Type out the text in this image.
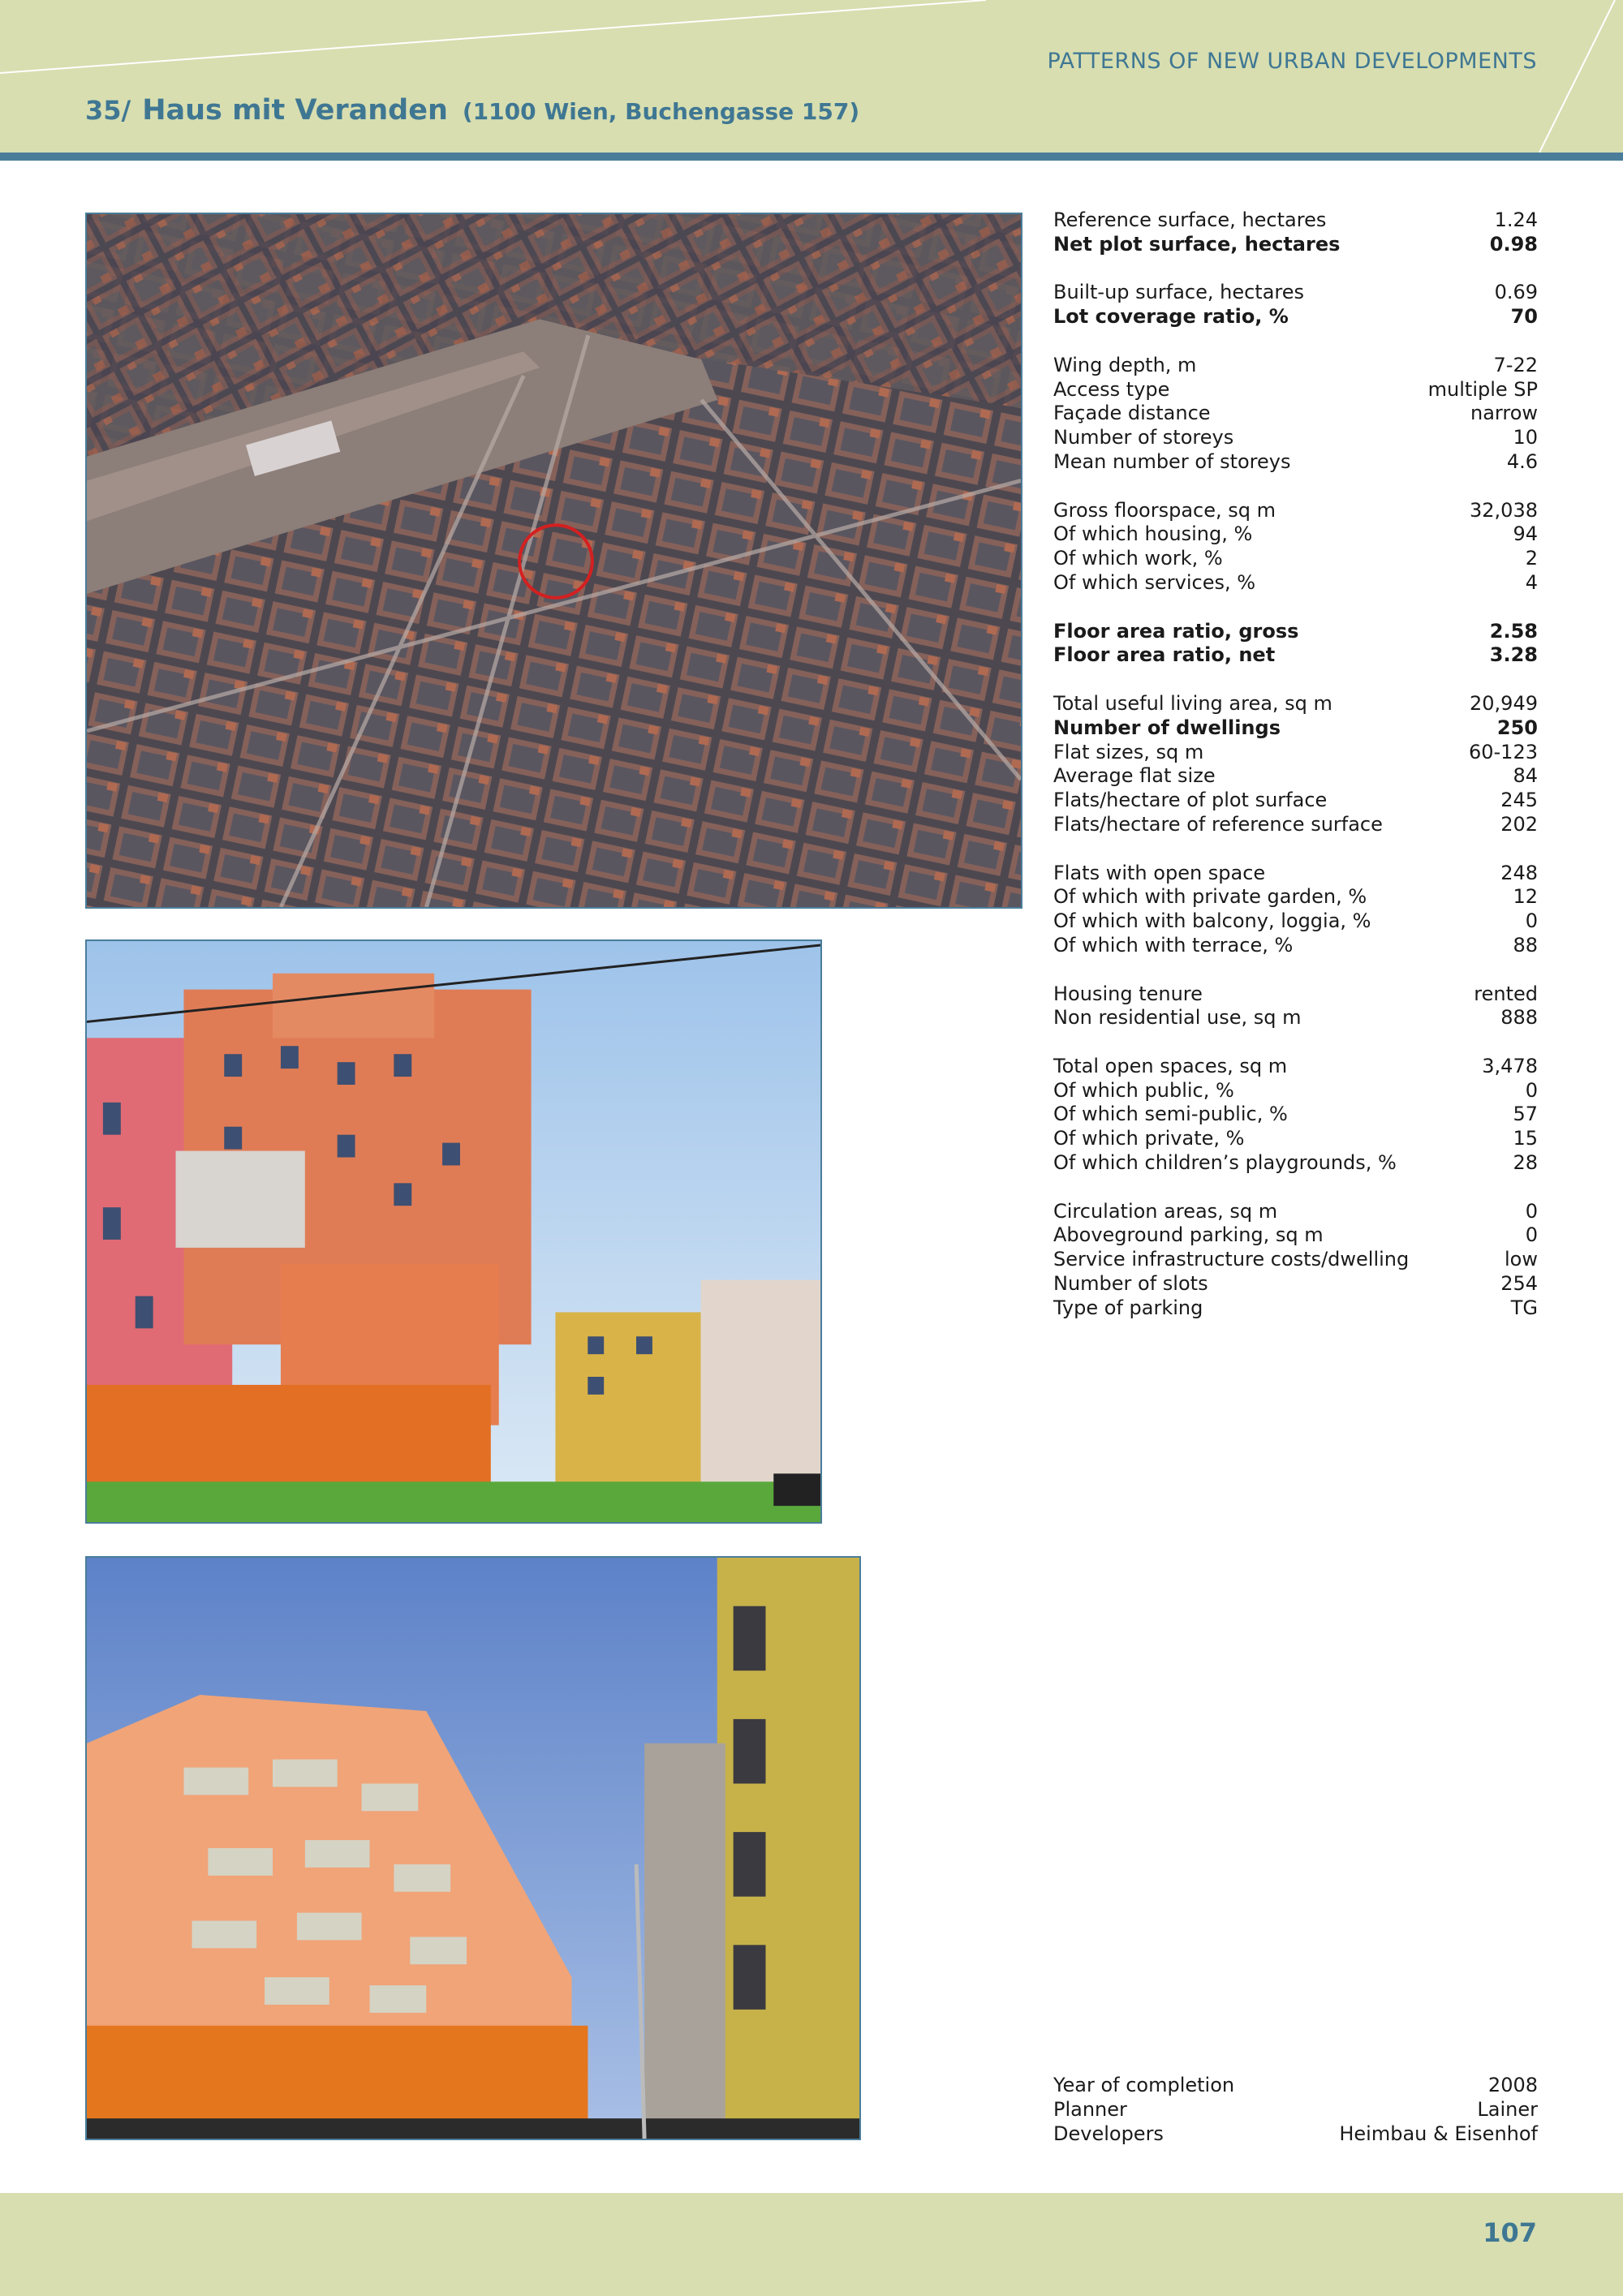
PATTERNS OF NEW URBAN DEVELOPMENTS
35/ Haus mit Veranden (1100 Wien, Buchengasse 157)
Reference surface, hectares	1.24
Net plot surface, hectares	0.98
Built-up surface, hectares	0.69
Lot coverage ratio, %	70
Wing depth, m	7-22
Access type	multiple SP
Façade distance	narrow
Number of storeys	10
Mean number of storeys	4.6
Gross floorspace, sq m	32,038
Of which housing, %	94
Of which work, %	2
Of which services, %	4
Floor area ratio, gross	2.58
Floor area ratio, net	3.28
Total useful living area, sq m	20,949
Number of dwellings	250
Flat sizes, sq m	60-123
Average flat size	84
Flats/hectare of plot surface	245
Flats/hectare of reference surface	202
Flats with open space	248
Of which with private garden, %	12
Of which with balcony, loggia, %	0
Of which with terrace, %	88
Housing tenure	rented
Non residential use, sq m	888
Total open spaces, sq m	3,478
Of which public, %	0
Of which semi-public, %	57
Of which private, %	15
Of which children’s playgrounds, %	28
Circulation areas, sq m	0
Aboveground parking, sq m	0
Service infrastructure costs/dwelling	low
Number of slots	254
Type of parking	TG
Year of completion	2008
Planner	Lainer
Developers	Heimbau & Eisenhof
107
